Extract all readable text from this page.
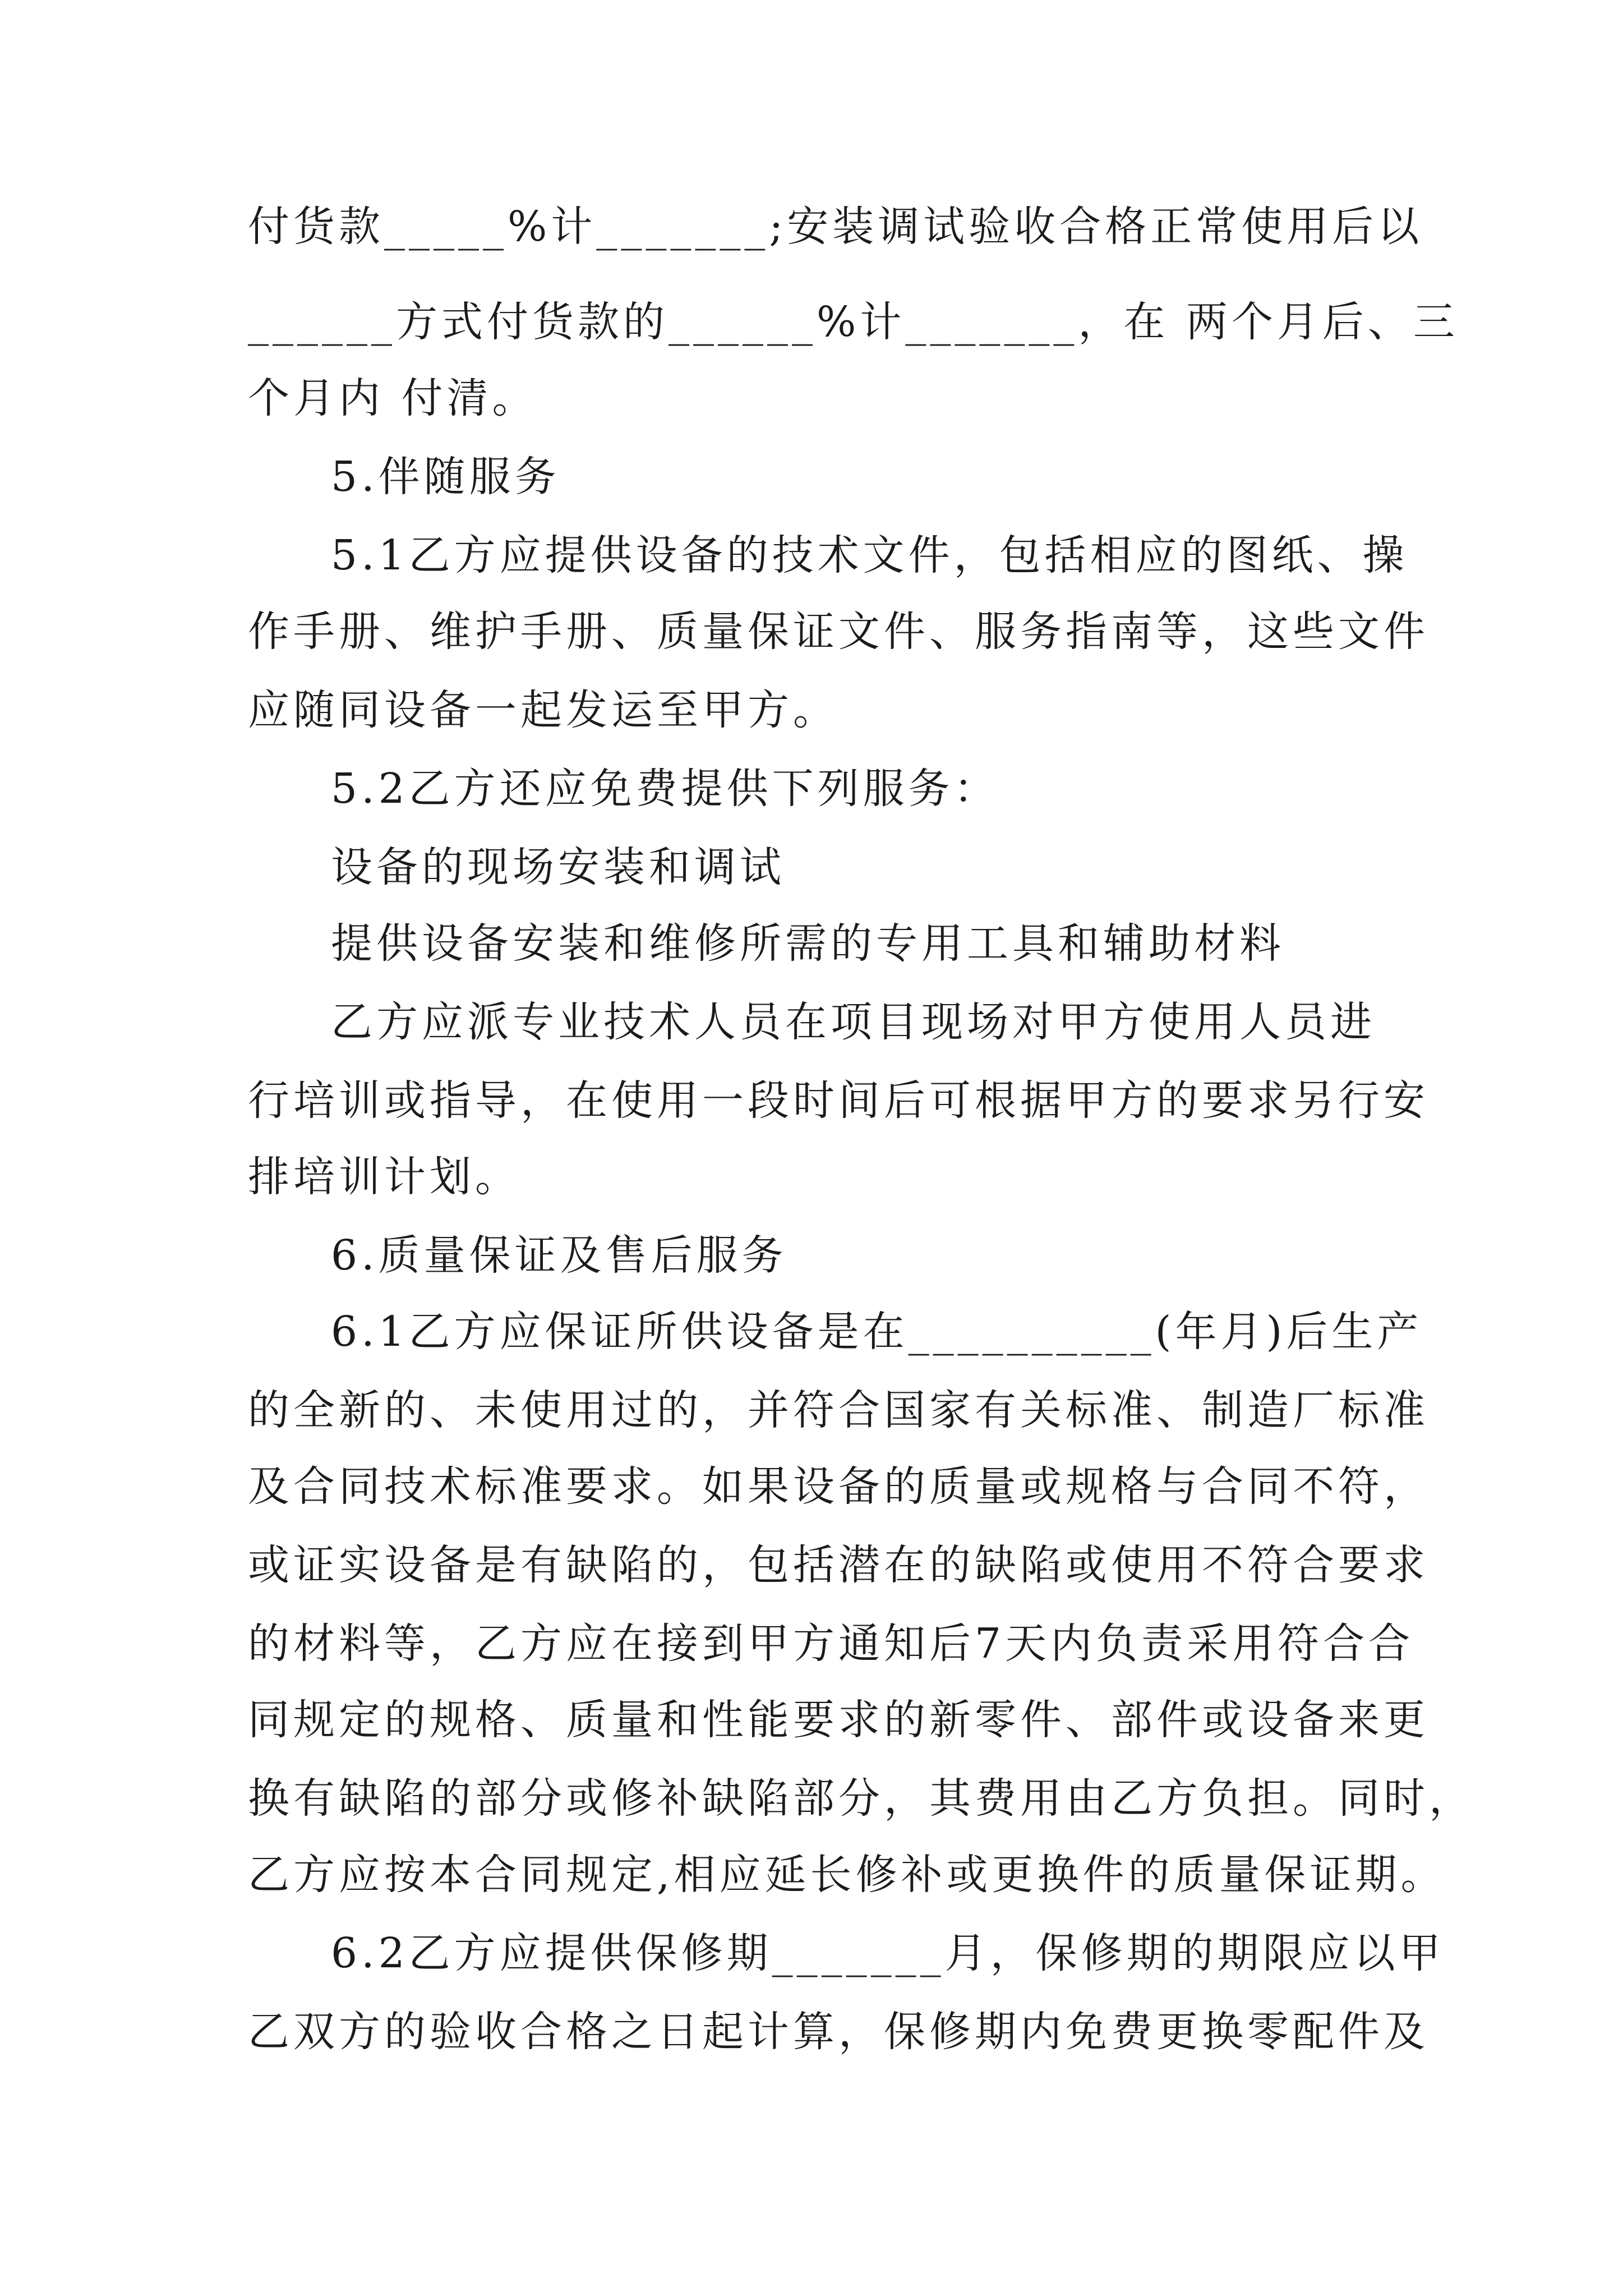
付货款_____%计_______;安装调试验收合格正常使用后以
______方式付货款的______%计_______，在 两个月后、三
个月内 付清。
5.伴随服务
5.1乙方应提供设备的技术文件，包括相应的图纸、操
作手册、维护手册、质量保证文件、服务指南等，这些文件
应随同设备一起发运至甲方。
5.2乙方还应免费提供下列服务：
设备的现场安装和调试
提供设备安装和维修所需的专用工具和辅助材料
乙方应派专业技术人员在项目现场对甲方使用人员进
行培训或指导，在使用一段时间后可根据甲方的要求另行安
排培训计划。
6.质量保证及售后服务
6.1乙方应保证所供设备是在__________(年月)后生产
的全新的、未使用过的，并符合国家有关标准、制造厂标准
及合同技术标准要求。如果设备的质量或规格与合同不符，
或证实设备是有缺陷的，包括潜在的缺陷或使用不符合要求
的材料等，乙方应在接到甲方通知后7天内负责采用符合合
同规定的规格、质量和性能要求的新零件、部件或设备来更
换有缺陷的部分或修补缺陷部分，其费用由乙方负担。同时，
乙方应按本合同规定,相应延长修补或更换件的质量保证期。
6.2乙方应提供保修期_______月，保修期的期限应以甲
乙双方的验收合格之日起计算，保修期内免费更换零配件及
